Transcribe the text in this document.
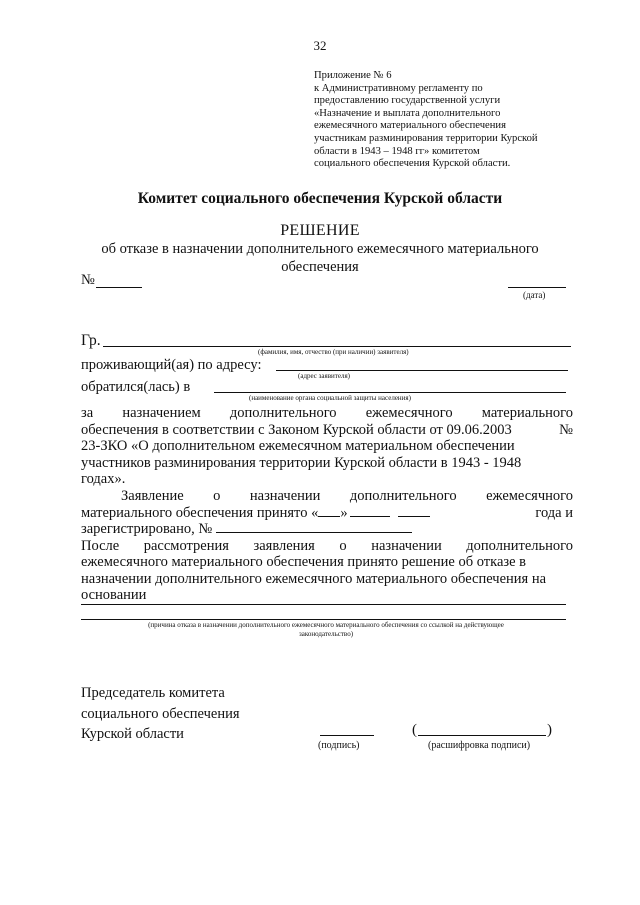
32
Приложение № 6
к Административному регламенту по
предоставлению государственной услуги
«Назначение и выплата дополнительного
ежемесячного материального обеспечения
участникам разминирования территории Курской
области в 1943 – 1948 гг» комитетом
социального обеспечения Курской области.
Комитет социального обеспечения Курской области
РЕШЕНИЕ
об отказе в назначении дополнительного ежемесячного материального обеспечения
№
(дата)
Гр.
(фамилия, имя, отчество (при наличии) заявителя)
проживающий(ая) по адресу:
(адрес заявителя)
обратился(лась) в
(наименование органа социальной защиты населения)
за назначением дополнительного ежемесячного материального
обеспечения в соответствии с Законом Курской области от 09.06.2003	№
23-ЗКО «О дополнительном ежемесячном материальном обеспечении
участников разминирования территории Курской области в 1943 - 1948
годах».
Заявление о назначении дополнительного ежемесячного
материального обеспечения принято « »	года и
зарегистрировано, №
После рассмотрения заявления о назначении дополнительного
ежемесячного материального обеспечения принято решение об отказе в
назначении дополнительного ежемесячного материального обеспечения на
основании
(причина отказа в назначении дополнительного ежемесячного материального обеспечения со ссылкой на действующее
законодательство)
Председатель комитета
социального обеспечения
Курской области
(подпись)
(	)
(расшифровка подписи)
